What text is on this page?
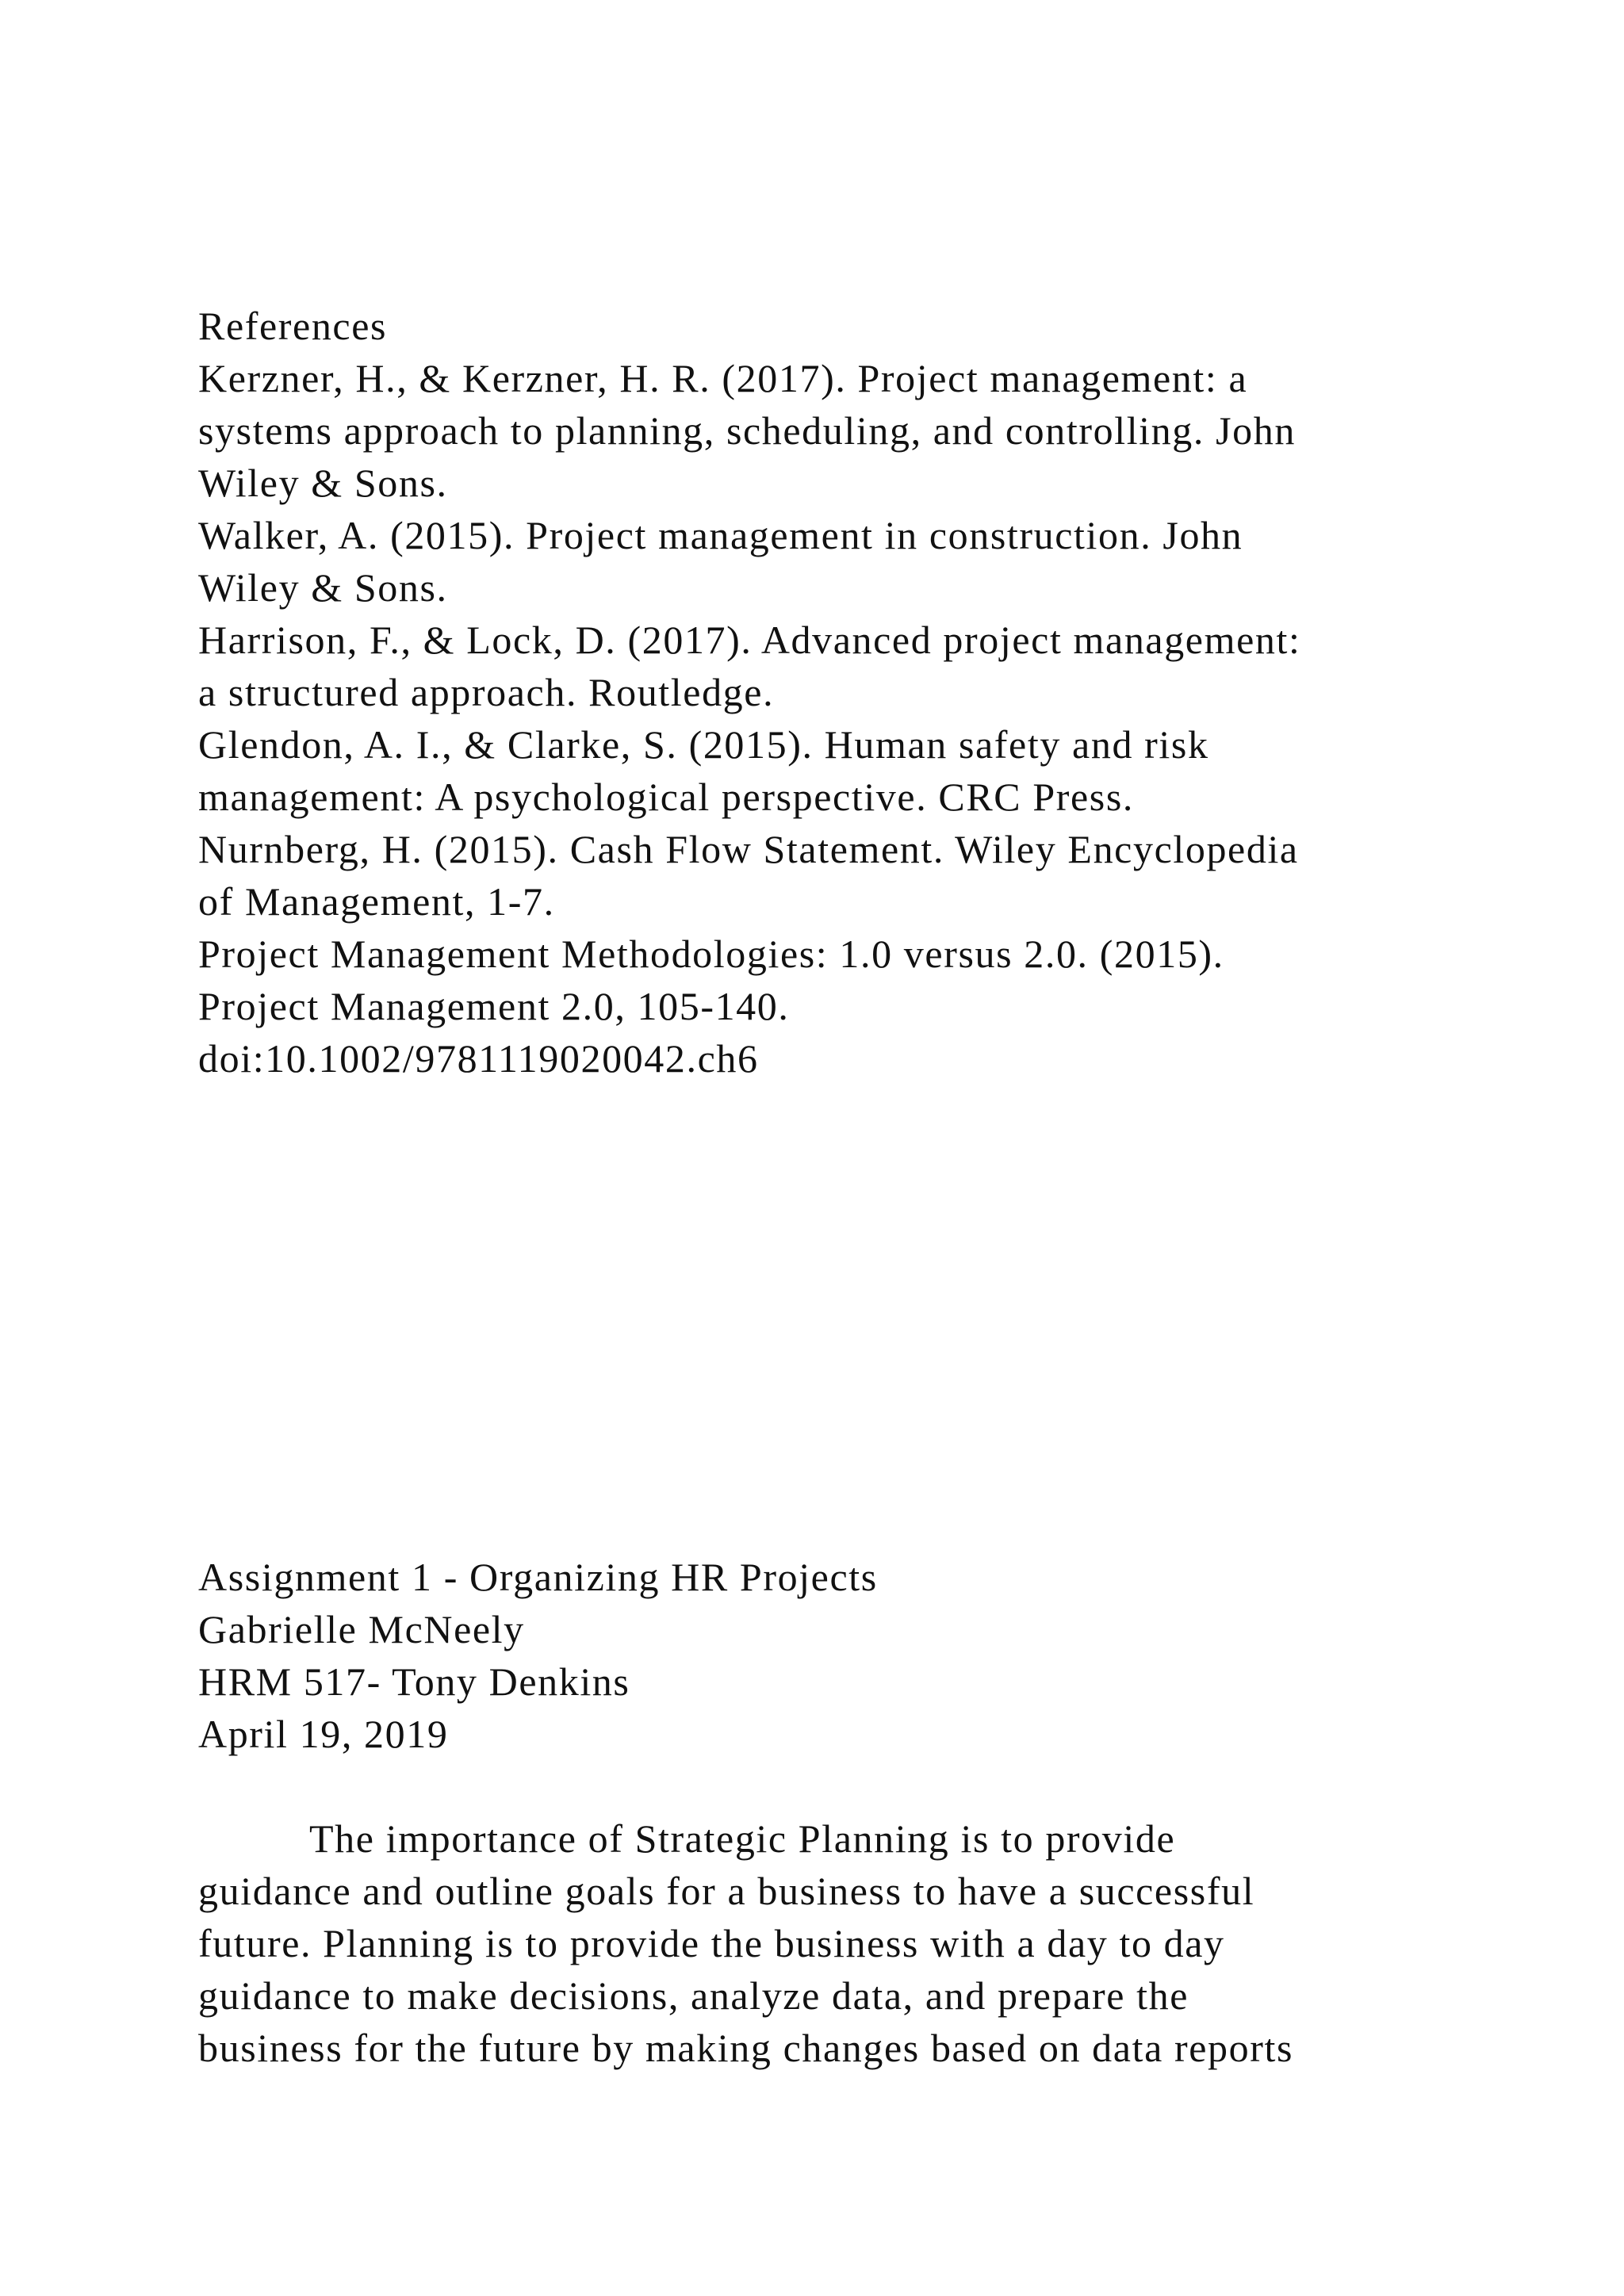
References
Kerzner, H., & Kerzner, H. R. (2017). Project management: a
systems approach to planning, scheduling, and controlling. John
Wiley & Sons.
Walker, A. (2015). Project management in construction. John
Wiley & Sons.
Harrison, F., & Lock, D. (2017). Advanced project management:
a structured approach. Routledge.
Glendon, A. I., & Clarke, S. (2015). Human safety and risk
management: A psychological perspective. CRC Press.
Nurnberg, H. (2015). Cash Flow Statement. Wiley Encyclopedia
of Management, 1-7.
Project Management Methodologies: 1.0 versus 2.0. (2015).
Project Management 2.0, 105-140.
doi:10.1002/9781119020042.ch6
Assignment 1 - Organizing HR Projects
Gabrielle McNeely
HRM 517- Tony Denkins
April 19, 2019
The importance of Strategic Planning is to provide
guidance and outline goals for a business to have a successful
future. Planning is to provide the business with a day to day
guidance to make decisions, analyze data, and prepare the
business for the future by making changes based on data reports
